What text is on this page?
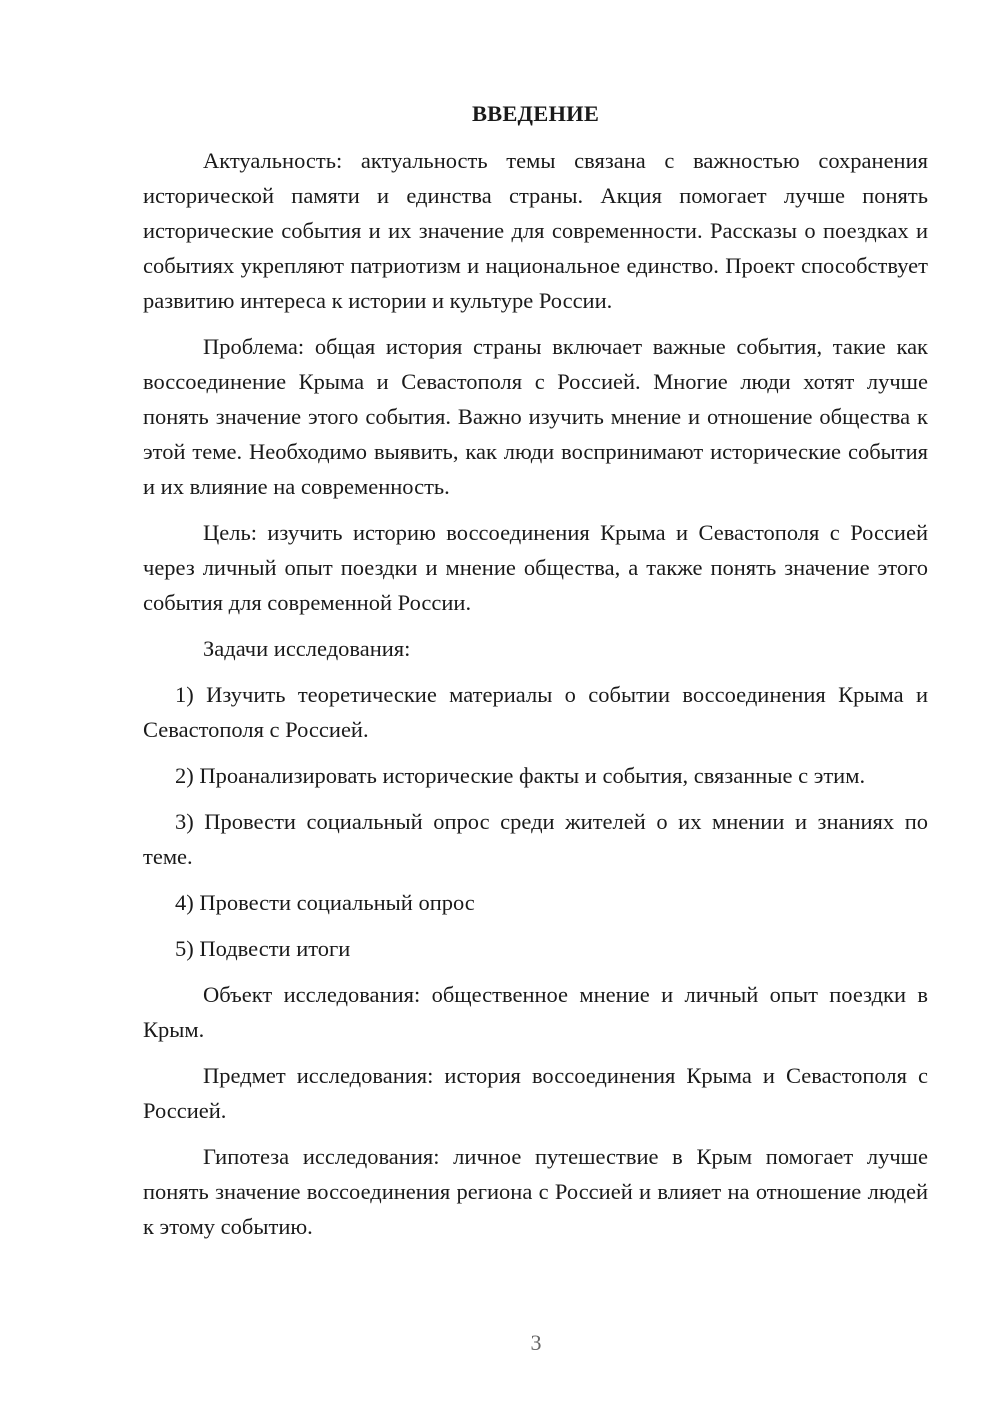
ВВЕДЕНИЕ

Актуальность: актуальность темы связана с важностью сохранения исторической памяти и единства страны. Акция помогает лучше понять исторические события и их значение для современности. Рассказы о поездках и событиях укрепляют патриотизм и национальное единство. Проект способствует развитию интереса к истории и культуре России.

Проблема: общая история страны включает важные события, такие как воссоединение Крыма и Севастополя с Россией. Многие люди хотят лучше понять значение этого события. Важно изучить мнение и отношение общества к этой теме. Необходимо выявить, как люди воспринимают исторические события и их влияние на современность.

Цель: изучить историю воссоединения Крыма и Севастополя с Россией через личный опыт поездки и мнение общества, а также понять значение этого события для современной России.

Задачи исследования:

1) Изучить теоретические материалы о событии воссоединения Крыма и Севастополя с Россией.

2) Проанализировать исторические факты и события, связанные с этим.

3) Провести социальный опрос среди жителей о их мнении и знаниях по теме.

4) Провести социальный опрос

5) Подвести итоги

Объект исследования: общественное мнение и личный опыт поездки в Крым.

Предмет исследования: история воссоединения Крыма и Севастополя с Россией.

Гипотеза исследования: личное путешествие в Крым помогает лучше понять значение воссоединения региона с Россией и влияет на отношение людей к этому событию.

3
